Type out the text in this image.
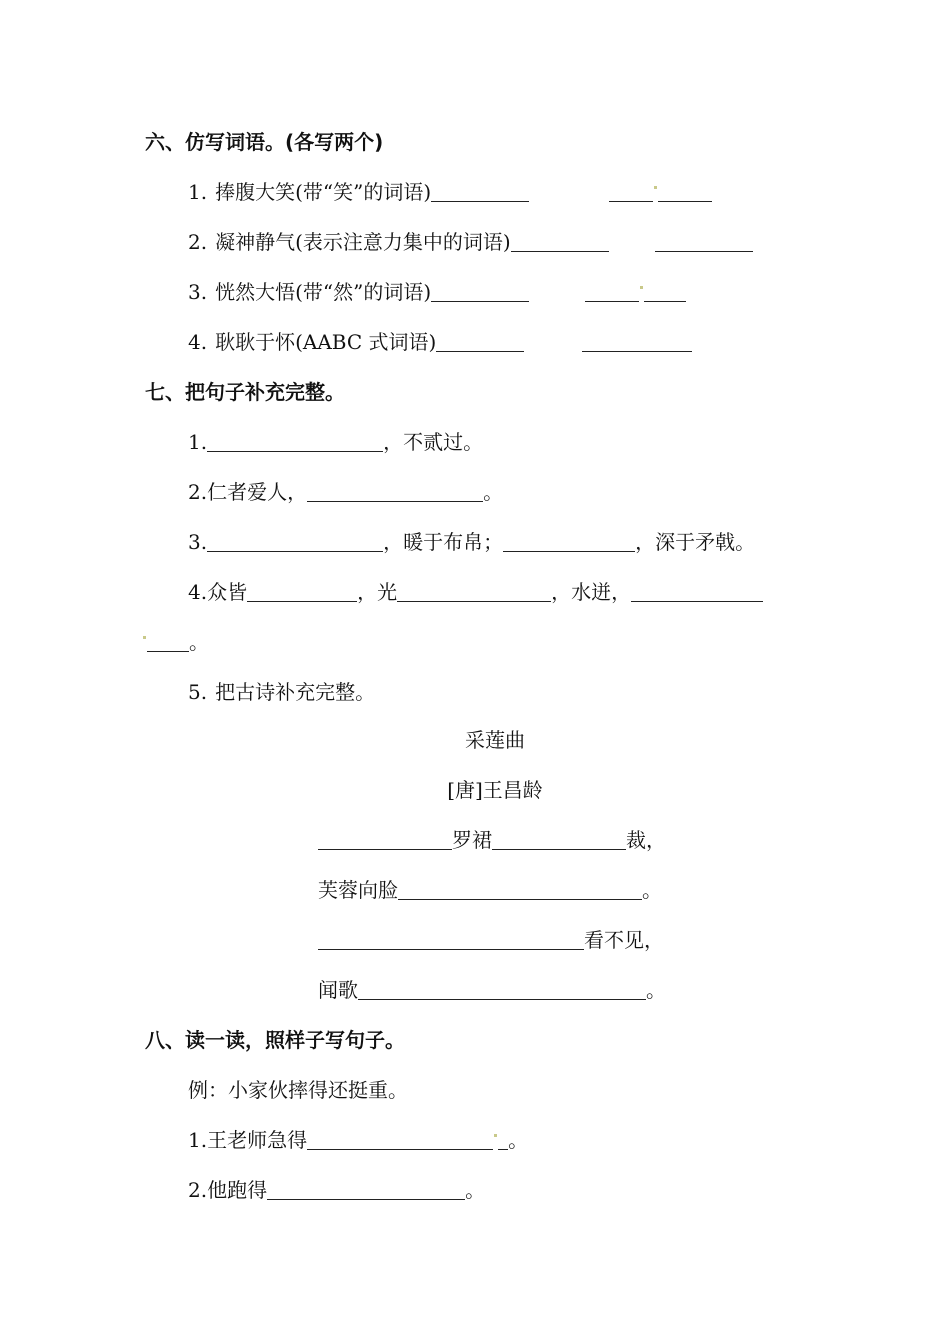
六、仿写词语。(各写两个)
1. 捧腹大笑(带“笑”的词语)
2. 凝神静气(表示注意力集中的词语)
3. 恍然大悟(带“然”的词语)
4. 耿耿于怀(AABC 式词语)
七、把句子补充完整。
1.	，不贰过。
2.仁者爱人，	。
3.	，暖于布帛；	，深于矛戟。
4.众皆	，光	，水迸，
。
5. 把古诗补充完整。
采莲曲
[唐]王昌龄
罗裙	裁，
芙蓉向脸	。
看不见，
闻歌	。
八、读一读，照样子写句子。
例：小家伙摔得还挺重。
1.王老师急得	。
2.他跑得	。
